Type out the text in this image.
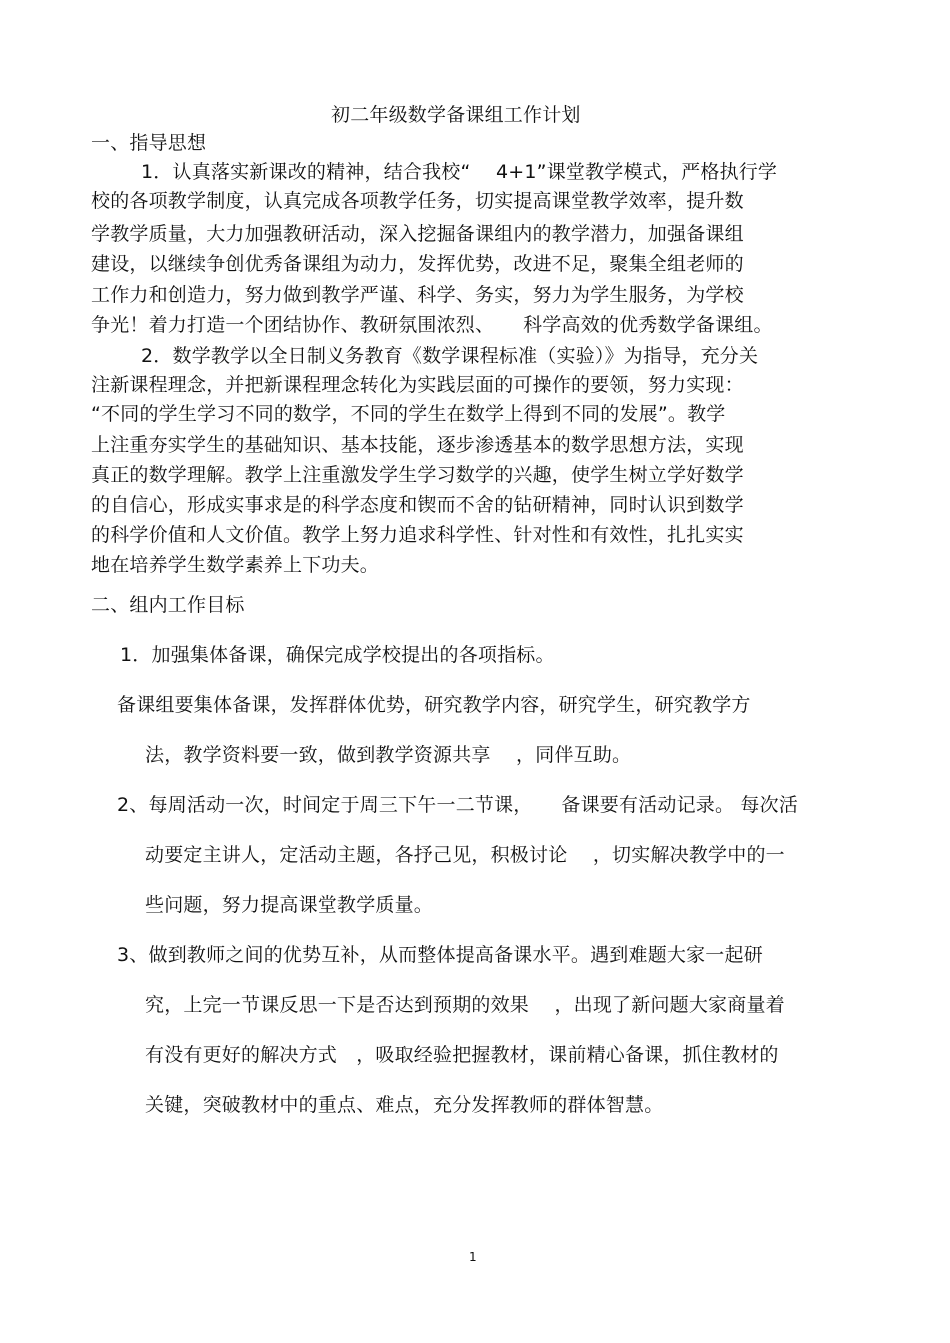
初二年级数学备课组工作计划
一、指导思想
1．认真落实新课改的精神，结合我校“　 4+1”课堂教学模式，严格执行学
校的各项教学制度，认真完成各项教学任务，切实提高课堂教学效率，提升数
学教学质量，大力加强教研活动，深入挖掘备课组内的教学潜力，加强备课组
建设，以继续争创优秀备课组为动力，发挥优势，改进不足，聚集全组老师的
工作力和创造力，努力做到教学严谨、科学、务实，努力为学生服务，为学校
争光！着力打造一个团结协作、教研氛围浓烈、　　科学高效的优秀数学备课组。
2．数学教学以全日制义务教育《数学课程标准（实验）》为指导，充分关
注新课程理念，并把新课程理念转化为实践层面的可操作的要领，努力实现：
“不同的学生学习不同的数学，不同的学生在数学上得到不同的发展”。教学
上注重夯实学生的基础知识、基本技能，逐步渗透基本的数学思想方法，实现
真正的数学理解。教学上注重激发学生学习数学的兴趣，使学生树立学好数学
的自信心，形成实事求是的科学态度和锲而不舍的钻研精神，同时认识到数学
的科学价值和人文价值。教学上努力追求科学性、针对性和有效性，扎扎实实
地在培养学生数学素养上下功夫。
二、组内工作目标
1．加强集体备课，确保完成学校提出的各项指标。
备课组要集体备课，发挥群体优势，研究教学内容，研究学生，研究教学方
法，教学资料要一致，做到教学资源共享　 ，同伴互助。
2、每周活动一次，时间定于周三下午一二节课，　　备课要有活动记录。 每次活
动要定主讲人，定活动主题，各抒己见，积极讨论　 ，切实解决教学中的一
些问题，努力提高课堂教学质量。
3、做到教师之间的优势互补，从而整体提高备课水平。遇到难题大家一起研
究，上完一节课反思一下是否达到预期的效果　 ，出现了新问题大家商量着
有没有更好的解决方式　，吸取经验把握教材，课前精心备课，抓住教材的
关键，突破教材中的重点、难点，充分发挥教师的群体智慧。
1
